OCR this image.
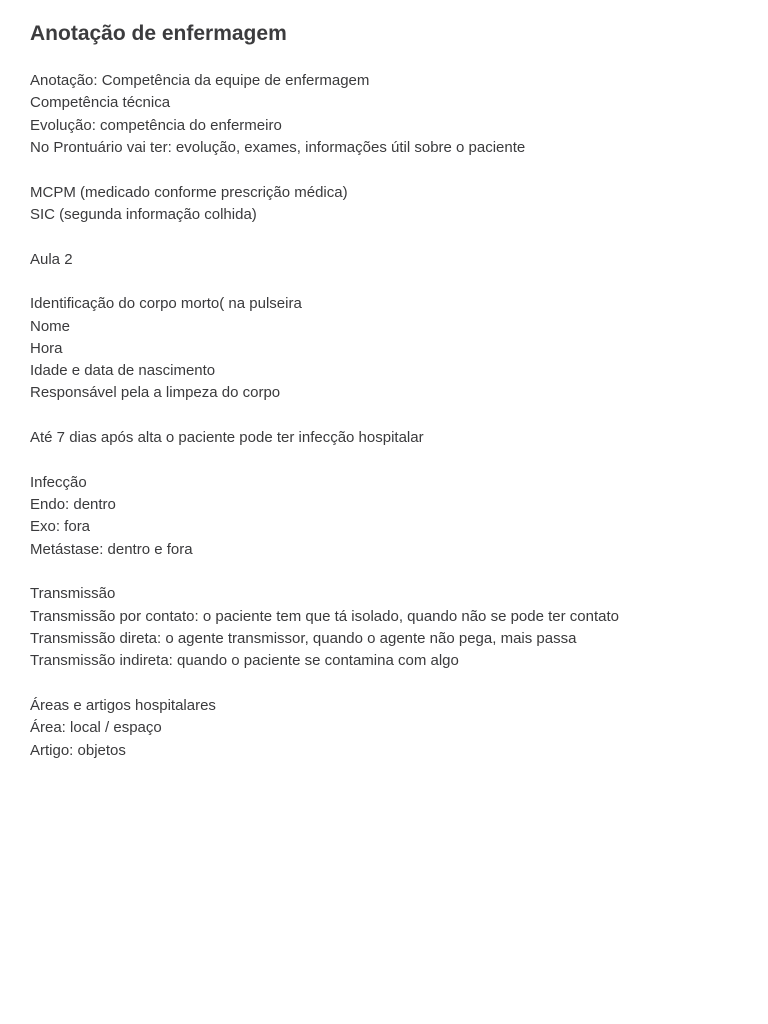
Anotação de enfermagem
Anotação: Competência da equipe de enfermagem
Competência técnica
Evolução: competência do enfermeiro
No Prontuário vai ter: evolução, exames, informações útil sobre o paciente
MCPM (medicado conforme prescrição médica)
SIC (segunda informação colhida)
Aula 2
Identificação do corpo morto( na pulseira
Nome
Hora
Idade e data de nascimento
Responsável pela a limpeza do corpo
Até 7 dias após alta o paciente pode ter infecção hospitalar
Infecção
Endo: dentro
Exo: fora
Metástase: dentro e fora
Transmissão
Transmissão por contato: o paciente tem que tá isolado, quando não se pode ter contato
Transmissão direta: o agente transmissor, quando o agente não pega, mais passa
Transmissão indireta: quando o paciente se contamina com algo
Áreas e artigos hospitalares
Área: local / espaço
Artigo: objetos
